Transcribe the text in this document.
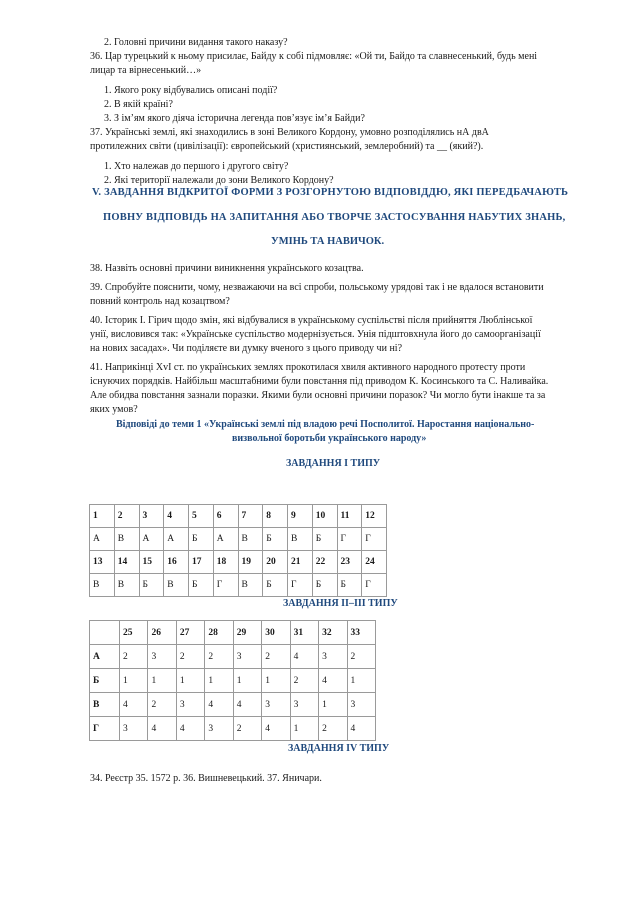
2. Головні причини видання такого наказу?
36. Цар турецький к ньому присилає, Байду к собі підмовляє: «Ой ти, Байдо та славнесенький, будь мені
лицар та вірнесенький…»
1. Якого року відбувались описані події?
2. В якій країні?
3. З ім’ям якого діяча історична легенда пов’язує ім’я Байди?
37. Українські землі, які знаходились в зоні Великого Кордону, умовно розподілялись нА двА
протилежних світи (цивілізації): європейський (християнський, землеробний) та __ (який?).
1. Хто належав до першого і другого світу?
2. Які території належали до зони Великого Кордону?
V. ЗАВДАННЯ ВІДКРИТОЇ ФОРМИ З РОЗГОРНУТОЮ ВІДПОВІДДЮ, ЯКІ ПЕРЕДБАЧАЮТЬ
ПОВНУ ВІДПОВІДЬ НА ЗАПИТАННЯ АБО ТВОРЧЕ ЗАСТОСУВАННЯ НАБУТИХ ЗНАНЬ,
УМІНЬ ТА НАВИЧОК.
38. Назвіть основні причини виникнення українського козацтва.
39. Спробуйте пояснити, чому, незважаючи на всі спроби, польському урядові так і не вдалося встановити
повний контроль над козацтвом?
40. Історик І. Гірич щодо змін, які відбувалися в українському суспільстві після прийняття Люблінської
унії, висловився так: «Українське суспільство модернізується. Унія підштовхнула його до самоорганізації
на нових засадах». Чи поділяєте ви думку вченого з цього приводу чи ні?
41. Наприкінці ХvІ ст. по українських землях прокотилася хвиля активного народного протесту проти
існуючих порядків. Найбільш масштабними були повстання під приводом К. Косинського та С. Наливайка.
Але обидва повстання зазнали поразки. Якими були основні причини поразок? Чи могло бути інакше та за
яких умов?
Відповіді до теми 1 «Українські землі під владою речі Посполитої. Наростання національно-
визвольної боротьби українського народу»
ЗАВДАННЯ І ТИПУ
1	2	3	4	5	6	7	8	9	10	11	12
А	В	А	А	Б	А	В	Б	В	Б	Г	Г
13	14	15	16	17	18	19	20	21	22	23	24
В	В	Б	В	Б	Г	В	Б	Г	Б	Б	Г
ЗАВДАННЯ ІІ–ІІІ ТИПУ
	25	26	27	28	29	30	31	32	33
А	2	3	2	2	3	2	4	3	2
Б	1	1	1	1	1	1	2	4	1
В	4	2	3	4	4	3	3	1	3
Г	3	4	4	3	2	4	1	2	4
ЗАВДАННЯ IV ТИПУ
34. Реєстр 35. 1572 р. 36. Вишневецький. 37. Яничари.
